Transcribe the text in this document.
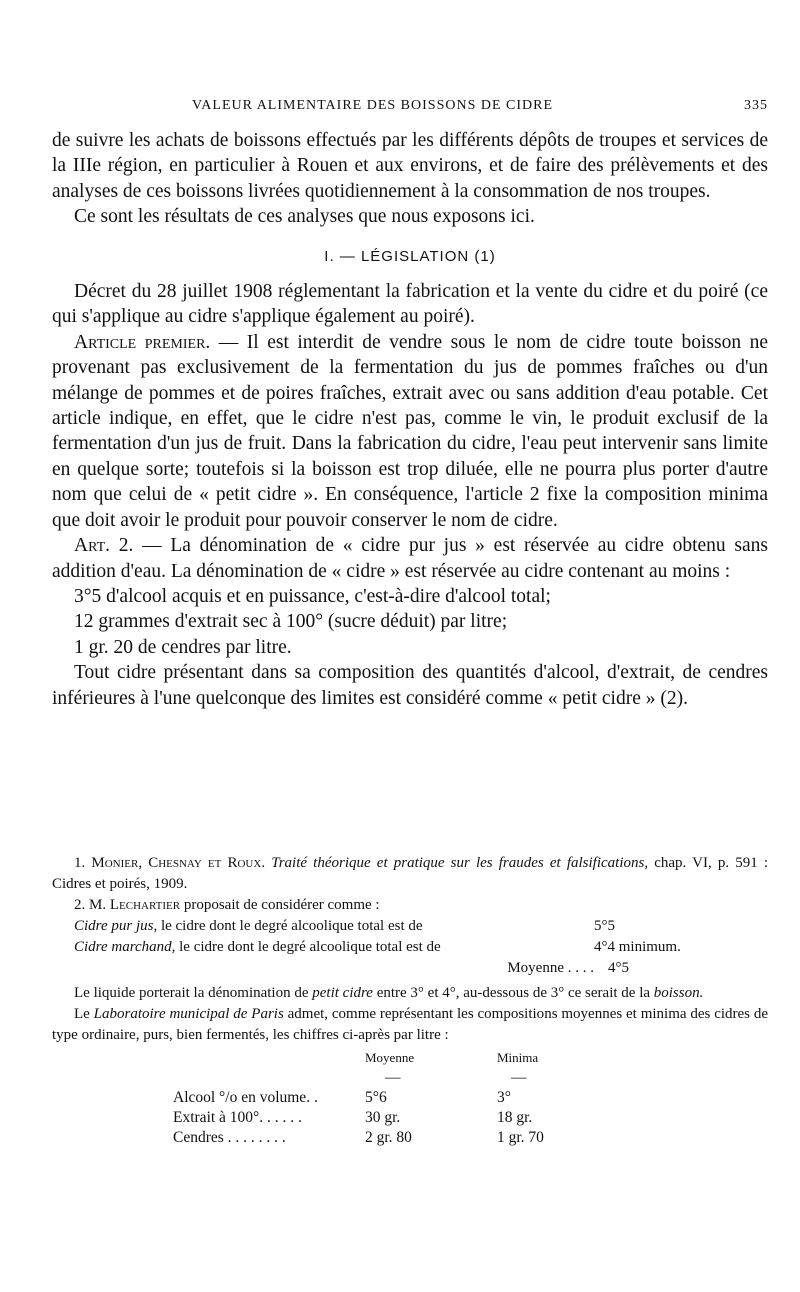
VALEUR ALIMENTAIRE DES BOISSONS DE CIDRE	335

de suivre les achats de boissons effectués par les différents dépôts de troupes et services de la IIIe région, en particulier à Rouen et aux environs, et de faire des prélèvements et des analyses de ces boissons livrées quotidiennement à la consommation de nos troupes.

Ce sont les résultats de ces analyses que nous exposons ici.

I. — LÉGISLATION (1)

Décret du 28 juillet 1908 réglementant la fabrication et la vente du cidre et du poiré (ce qui s'applique au cidre s'applique également au poiré).

Article premier. — Il est interdit de vendre sous le nom de cidre toute boisson ne provenant pas exclusivement de la fermentation du jus de pommes fraîches ou d'un mélange de pommes et de poires fraîches, extrait avec ou sans addition d'eau potable. Cet article indique, en effet, que le cidre n'est pas, comme le vin, le produit exclusif de la fermentation d'un jus de fruit. Dans la fabrication du cidre, l'eau peut intervenir sans limite en quelque sorte; toutefois si la boisson est trop diluée, elle ne pourra plus porter d'autre nom que celui de « petit cidre ». En conséquence, l'article 2 fixe la composition minima que doit avoir le produit pour pouvoir conserver le nom de cidre.

Art. 2. — La dénomination de « cidre pur jus » est réservée au cidre obtenu sans addition d'eau. La dénomination de « cidre » est réservée au cidre contenant au moins :

3°5 d'alcool acquis et en puissance, c'est-à-dire d'alcool total;

12 grammes d'extrait sec à 100° (sucre déduit) par litre;

1 gr. 20 de cendres par litre.

Tout cidre présentant dans sa composition des quantités d'alcool, d'extrait, de cendres inférieures à l'une quelconque des limites est considéré comme « petit cidre » (2).

1. Monier, Chesnay et Roux. Traité théorique et pratique sur les fraudes et falsifications, chap. VI, p. 591 : Cidres et poirés, 1909.

2. M. Lechartier proposait de considérer comme :

Cidre pur jus, le cidre dont le degré alcoolique total est de	5°5
Cidre marchand, le cidre dont le degré alcoolique total est de	4°4 minimum.
Moyenne . . . . 4°5

Le liquide porterait la dénomination de petit cidre entre 3° et 4°, au-dessous de 3° ce serait de la boisson.

Le Laboratoire municipal de Paris admet, comme représentant les compositions moyennes et minima des cidres de type ordinaire, purs, bien fermentés, les chiffres ci-après par litre :

	Moyenne	Minima
	—	—
Alcool °/o en volume. .	5°6	3°
Extrait à 100°. . . . . .	30 gr.	18 gr.
Cendres . . . . . . . .	2 gr. 80	1 gr. 70
